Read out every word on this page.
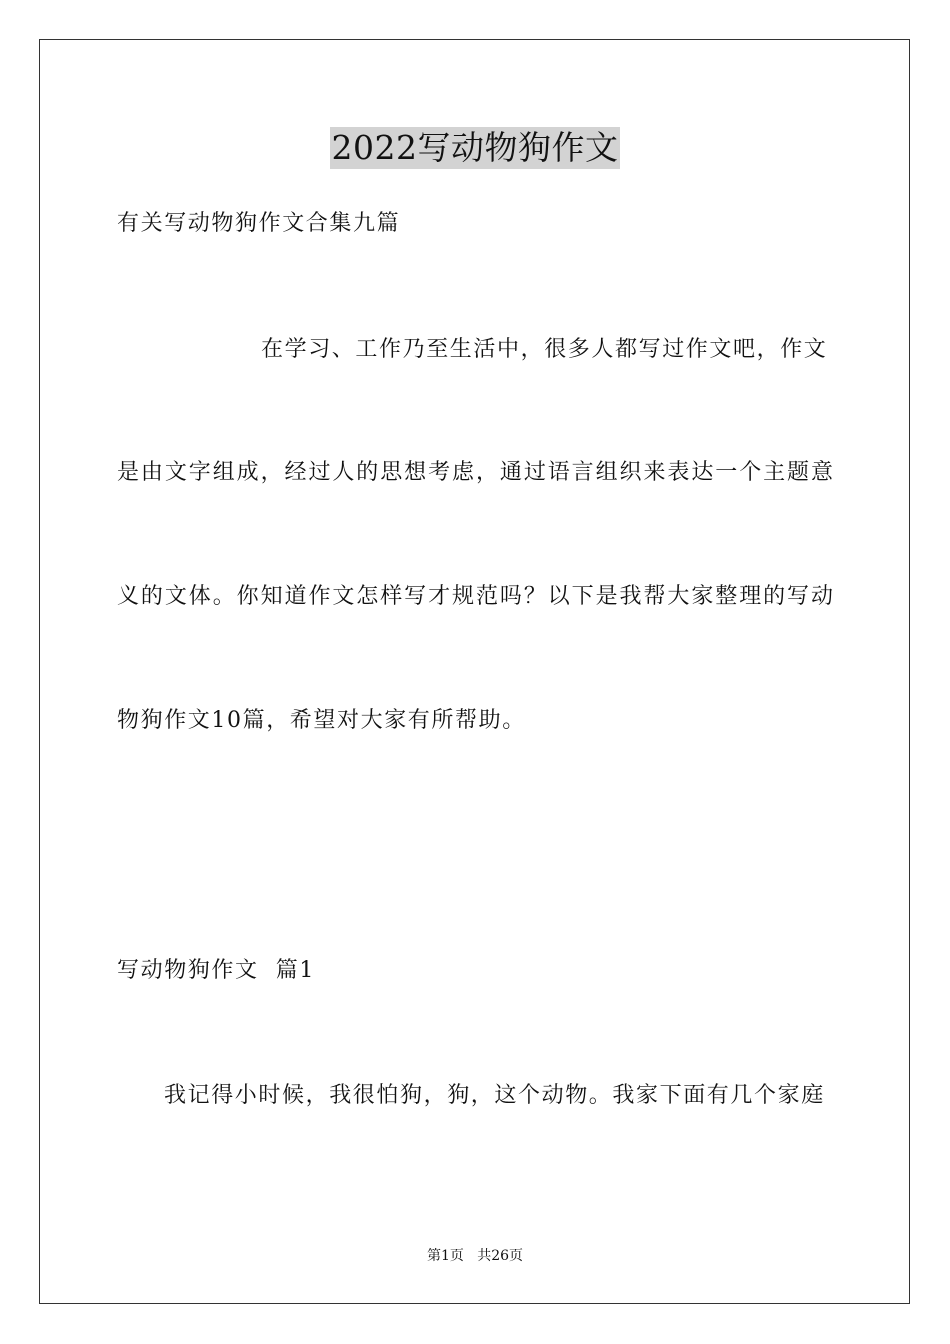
2022写动物狗作文
有关写动物狗作文合集九篇
在学习、工作乃至生活中，很多人都写过作文吧，作文
是由文字组成，经过人的思想考虑，通过语言组织来表达一个主题意
义的文体。你知道作文怎样写才规范吗？以下是我帮大家整理的写动
物狗作文10篇，希望对大家有所帮助。
写动物狗作文  篇1
我记得小时候，我很怕狗，狗，这个动物。我家下面有几个家庭
第1页   共26页
